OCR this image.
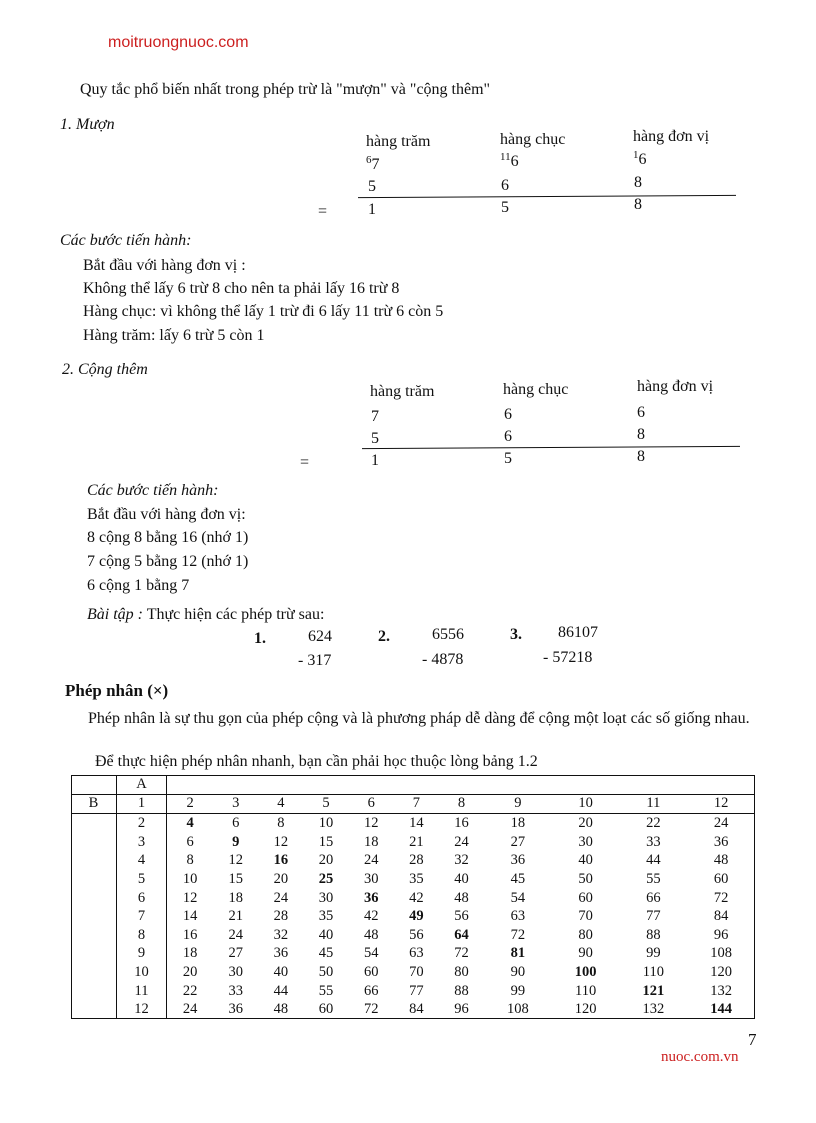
moitruongnuoc.com
Quy tắc phổ biến nhất trong phép trừ là "mượn" và "cộng thêm"
1. Mượn
hàng trăm	hàng chục	hàng đơn vị
$^6$7	$^{11}$6	$^1$6
5	6	8
=	1	5	8
Các bước tiến hành:
Bắt đầu với hàng đơn vị :
Không thể lấy 6 trừ 8 cho nên ta phải lấy 16 trừ 8
Hàng chục: vì không thể lấy 1 trừ đi 6 lấy 11 trừ 6 còn 5
Hàng trăm: lấy 6 trừ 5 còn 1
2. Cộng thêm
hàng trăm	hàng chục	hàng đơn vị
7	6	6
5	6	8
=	1	5	8
Các bước tiến hành:
Bắt đầu với hàng đơn vị:
8 cộng 8 bằng 16 (nhớ 1)
7 cộng 5 bằng 12 (nhớ 1)
6 cộng 1 bằng 7
Bài tập : Thực hiện các phép trừ sau:
1.	624
- 317
2.	6556
- 4878
3. 86107
- 57218
Phép nhân (×)
Phép nhân là sự thu gọn của phép cộng và là phương pháp dễ dàng để cộng một loạt các số giống nhau.
Để thực hiện phép nhân nhanh, bạn cần phải học thuộc lòng bảng 1.2
	A											
B	1	2	3	4	5	6	7	8	9	10	11	12
	2	4	6	8	10	12	14	16	18	20	22	24
	3	6	9	12	15	18	21	24	27	30	33	36
	4	8	12	16	20	24	28	32	36	40	44	48
	5	10	15	20	25	30	35	40	45	50	55	60
	6	12	18	24	30	36	42	48	54	60	66	72
	7	14	21	28	35	42	49	56	63	70	77	84
	8	16	24	32	40	48	56	64	72	80	88	96
	9	18	27	36	45	54	63	72	81	90	99	108
	10	20	30	40	50	60	70	80	90	100	110	120
	11	22	33	44	55	66	77	88	99	110	121	132
	12	24	36	48	60	72	84	96	108	120	132	144
7
nuoc.com.vn
